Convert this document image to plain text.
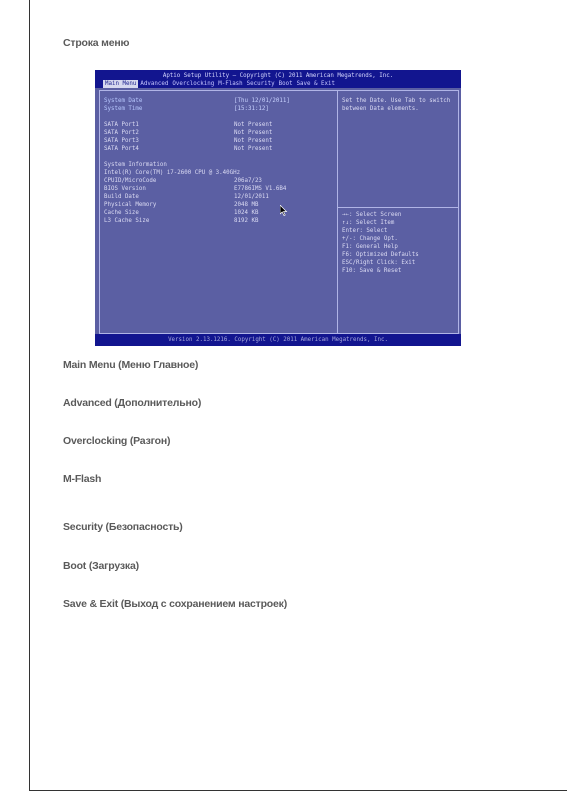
Строка меню
Aptio Setup Utility – Copyright (C) 2011 American Megatrends, Inc.
Main Menu Advanced Overclocking M-Flash Security Boot Save & Exit
System Date	[Thu 12/01/2011]
System Time	[15:31:12]
SATA Port1	Not Present
SATA Port2	Not Present
SATA Port3	Not Present
SATA Port4	Not Present
System Information
Intel(R) Core(TM) i7-2600 CPU @ 3.40GHz
CPUID/MicroCode	206a7/23
BIOS Version	E7786IMS V1.6B4
Build Date	12/01/2011
Physical Memory	2048 MB
Cache Size	1024 KB
L3 Cache Size	8192 KB
Set the Date. Use Tab to switch between Data elements.
→←: Select Screen
↑↓: Select Item
Enter: Select
+/-: Change Opt.
F1: General Help
F6: Optimized Defaults
ESC/Right Click: Exit
F10: Save & Reset
Version 2.13.1216. Copyright (C) 2011 American Megatrends, Inc.
Main Menu (Меню Главное)
Advanced (Дополнительно)
Overclocking (Разгон)
M-Flash
Security (Безопасность)
Boot (Загрузка)
Save & Exit (Выход с сохранением настроек)
